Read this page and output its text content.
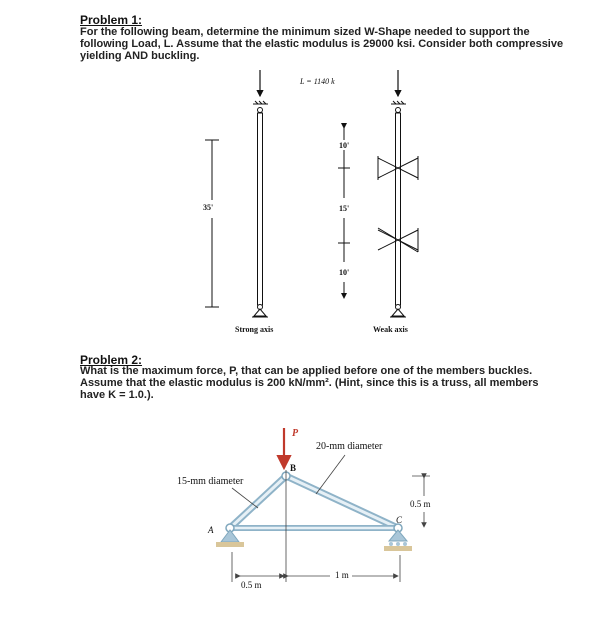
Problem 1:
For the following beam, determine the minimum sized W-Shape needed to support the
following Load, L. Assume that the elastic modulus is 29000 ksi. Consider both compressive
yielding AND buckling.
L = 1140 k
35'
10'
15'
10'
Strong axis	Weak axis
Problem 2:
What is the maximum force, P, that can be applied before one of the members buckles.
Assume that the elastic modulus is 200 kN/mm². (Hint, since this is a truss, all members
have K = 1.0.).
P
B
A
C
20-mm diameter
15-mm diameter
0.5 m
0.5 m
1 m
